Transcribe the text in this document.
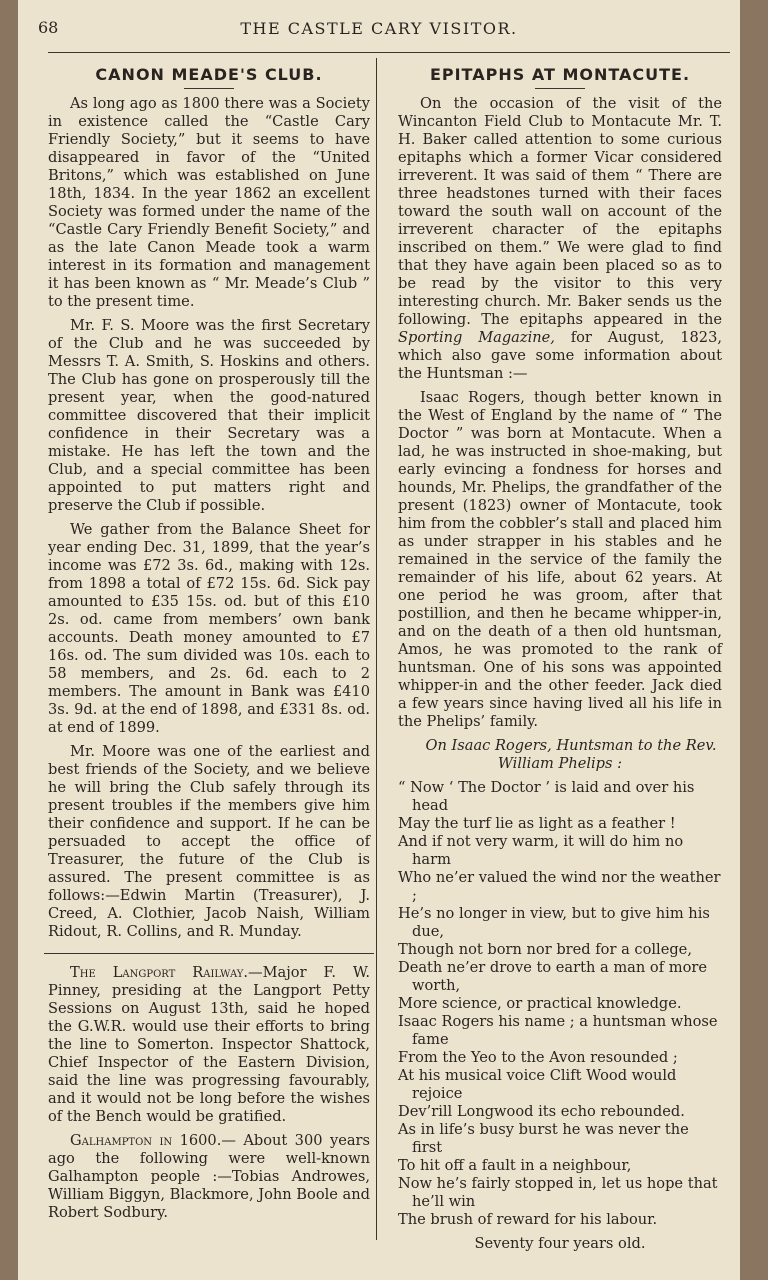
68	THE CASTLE CARY VISITOR.
CANON MEADE'S CLUB.

As long ago as 1800 there was a Society in existence called the “Castle Cary Friendly Society,” but it seems to have disappeared in favor of the “United Britons,” which was established on June 18th, 1834. In the year 1862 an excellent Society was formed under the name of the “Castle Cary Friendly Benefit Society,” and as the late Canon Meade took a warm interest in its formation and management it has been known as “ Mr. Meade’s Club ” to the present time.

Mr. F. S. Moore was the first Secretary of the Club and he was succeeded by Messrs T. A. Smith, S. Hoskins and others. The Club has gone on prosperously till the present year, when the good-natured committee discovered that their implicit confidence in their Secretary was a mistake. He has left the town and the Club, and a special committee has been appointed to put matters right and preserve the Club if possible.

We gather from the Balance Sheet for year ending Dec. 31, 1899, that the year’s income was £72 3s. 6d., making with 12s. from 1898 a total of £72 15s. 6d. Sick pay amounted to £35 15s. od. but of this £10 2s. od. came from members’ own bank accounts. Death money amounted to £7 16s. od. The sum divided was 10s. each to 58 members, and 2s. 6d. each to 2 members. The amount in Bank was £410 3s. 9d. at the end of 1898, and £331 8s. od. at end of 1899.

Mr. Moore was one of the earliest and best friends of the Society, and we believe he will bring the Club safely through its present troubles if the members give him their confidence and support. If he can be persuaded to accept the office of Treasurer, the future of the Club is assured. The present committee is as follows:—Edwin Martin (Treasurer), J. Creed, A. Clothier, Jacob Naish, William Ridout, R. Collins, and R. Munday.

The Langport Railway.—Major F. W. Pinney, presiding at the Langport Petty Sessions on August 13th, said he hoped the G.W.R. would use their efforts to bring the line to Somerton. Inspector Shattock, Chief Inspector of the Eastern Division, said the line was progressing favourably, and it would not be long before the wishes of the Bench would be gratified.

Galhampton in 1600.— About 300 years ago the following were well-known Galhampton people :—Tobias Androwes, William Biggyn, Blackmore, John Boole and Robert Sodbury.

EPITAPHS AT MONTACUTE.

On the occasion of the visit of the Wincanton Field Club to Montacute Mr. T. H. Baker called attention to some curious epitaphs which a former Vicar considered irreverent. It was said of them “ There are three headstones turned with their faces toward the south wall on account of the irreverent character of the epitaphs inscribed on them.” We were glad to find that they have again been placed so as to be read by the visitor to this very interesting church. Mr. Baker sends us the following. The epitaphs appeared in the Sporting Magazine, for August, 1823, which also gave some information about the Huntsman :—

Isaac Rogers, though better known in the West of England by the name of “ The Doctor ” was born at Montacute. When a lad, he was instructed in shoe-making, but early evincing a fondness for horses and hounds, Mr. Phelips, the grandfather of the present (1823) owner of Montacute, took him from the cobbler’s stall and placed him as under strapper in his stables and he remained in the service of the family the remainder of his life, about 62 years. At one period he was groom, after that postillion, and then he became whipper-in, and on the death of a then old huntsman, Amos, he was promoted to the rank of huntsman. One of his sons was appointed whipper-in and the other feeder. Jack died a few years since having lived all his life in the Phelips’ family.

On Isaac Rogers, Huntsman to the Rev. William Phelips :

“ Now ‘ The Doctor ’ is laid and over his head
May the turf lie as light as a feather !
And if not very warm, it will do him no harm
Who ne’er valued the wind nor the weather ;
He’s no longer in view, but to give him his due,
Though not born nor bred for a college,
Death ne’er drove to earth a man of more worth,
More science, or practical knowledge.
Isaac Rogers his name ; a huntsman whose fame
From the Yeo to the Avon resounded ;
At his musical voice Clift Wood would rejoice
Dev’rill Longwood its echo rebounded.
As in life’s busy burst he was never the first
To hit off a fault in a neighbour,
Now he’s fairly stopped in, let us hope that he’ll win
The brush of reward for his labour.
Seventy four years old.
